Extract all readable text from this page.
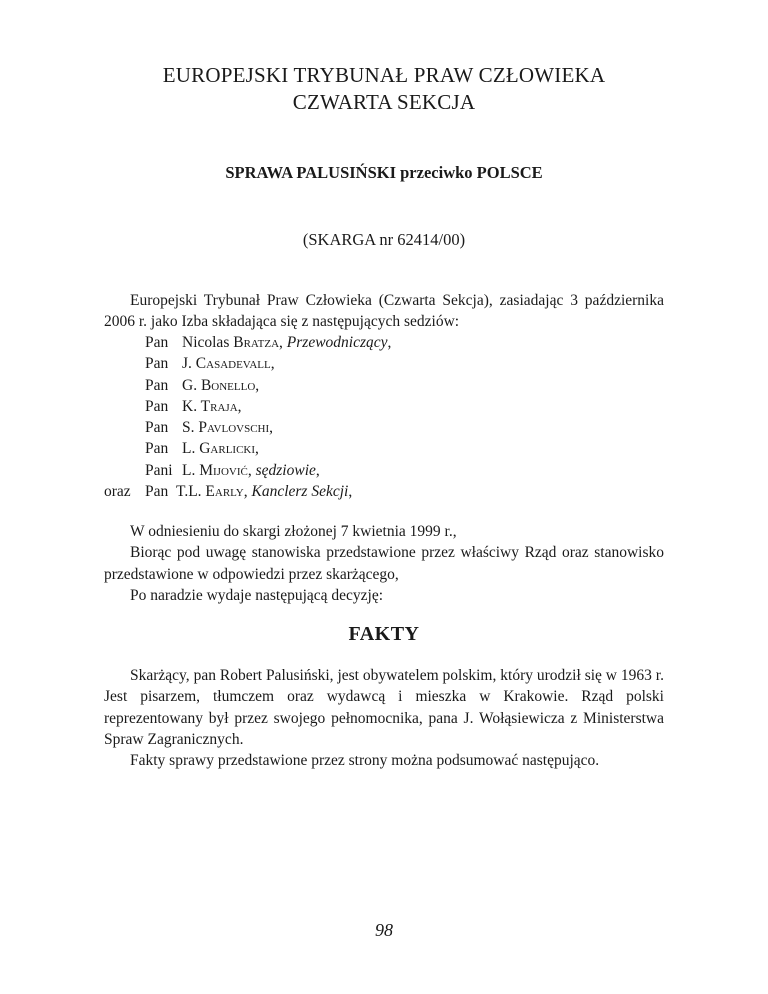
EUROPEJSKI TRYBUNAŁ PRAW CZŁOWIEKA
CZWARTA SEKCJA
SPRAWA PALUSIŃSKI przeciwko POLSCE
(SKARGA nr 62414/00)

Europejski Trybunał Praw Człowieka (Czwarta Sekcja), zasiadając 3 października 2006 r. jako Izba składająca się z następujących sedziów:

Pan Nicolas Bratza, Przewodniczący,
Pan J. Casadevall,
Pan G. Bonello,
Pan K. Traja,
Pan S. Pavlovschi,
Pan L. Garlicki,
Pani L. Mijović, sędziowie,
oraz Pan T.L. Early, Kanclerz Sekcji,

W odniesieniu do skargi złożonej 7 kwietnia 1999 r.,

Biorąc pod uwagę stanowiska przedstawione przez właściwy Rząd oraz stanowisko przedstawione w odpowiedzi przez skarżącego,

Po naradzie wydaje następującą decyzję:

FAKTY

Skarżący, pan Robert Palusiński, jest obywatelem polskim, który urodził się w 1963 r. Jest pisarzem, tłumczem oraz wydawcą i mieszka w Krakowie. Rząd polski reprezentowany był przez swojego pełnomocnika, pana J. Wołąsiewicza z Ministerstwa Spraw Zagranicznych.

Fakty sprawy przedstawione przez strony można podsumować następująco.

98
